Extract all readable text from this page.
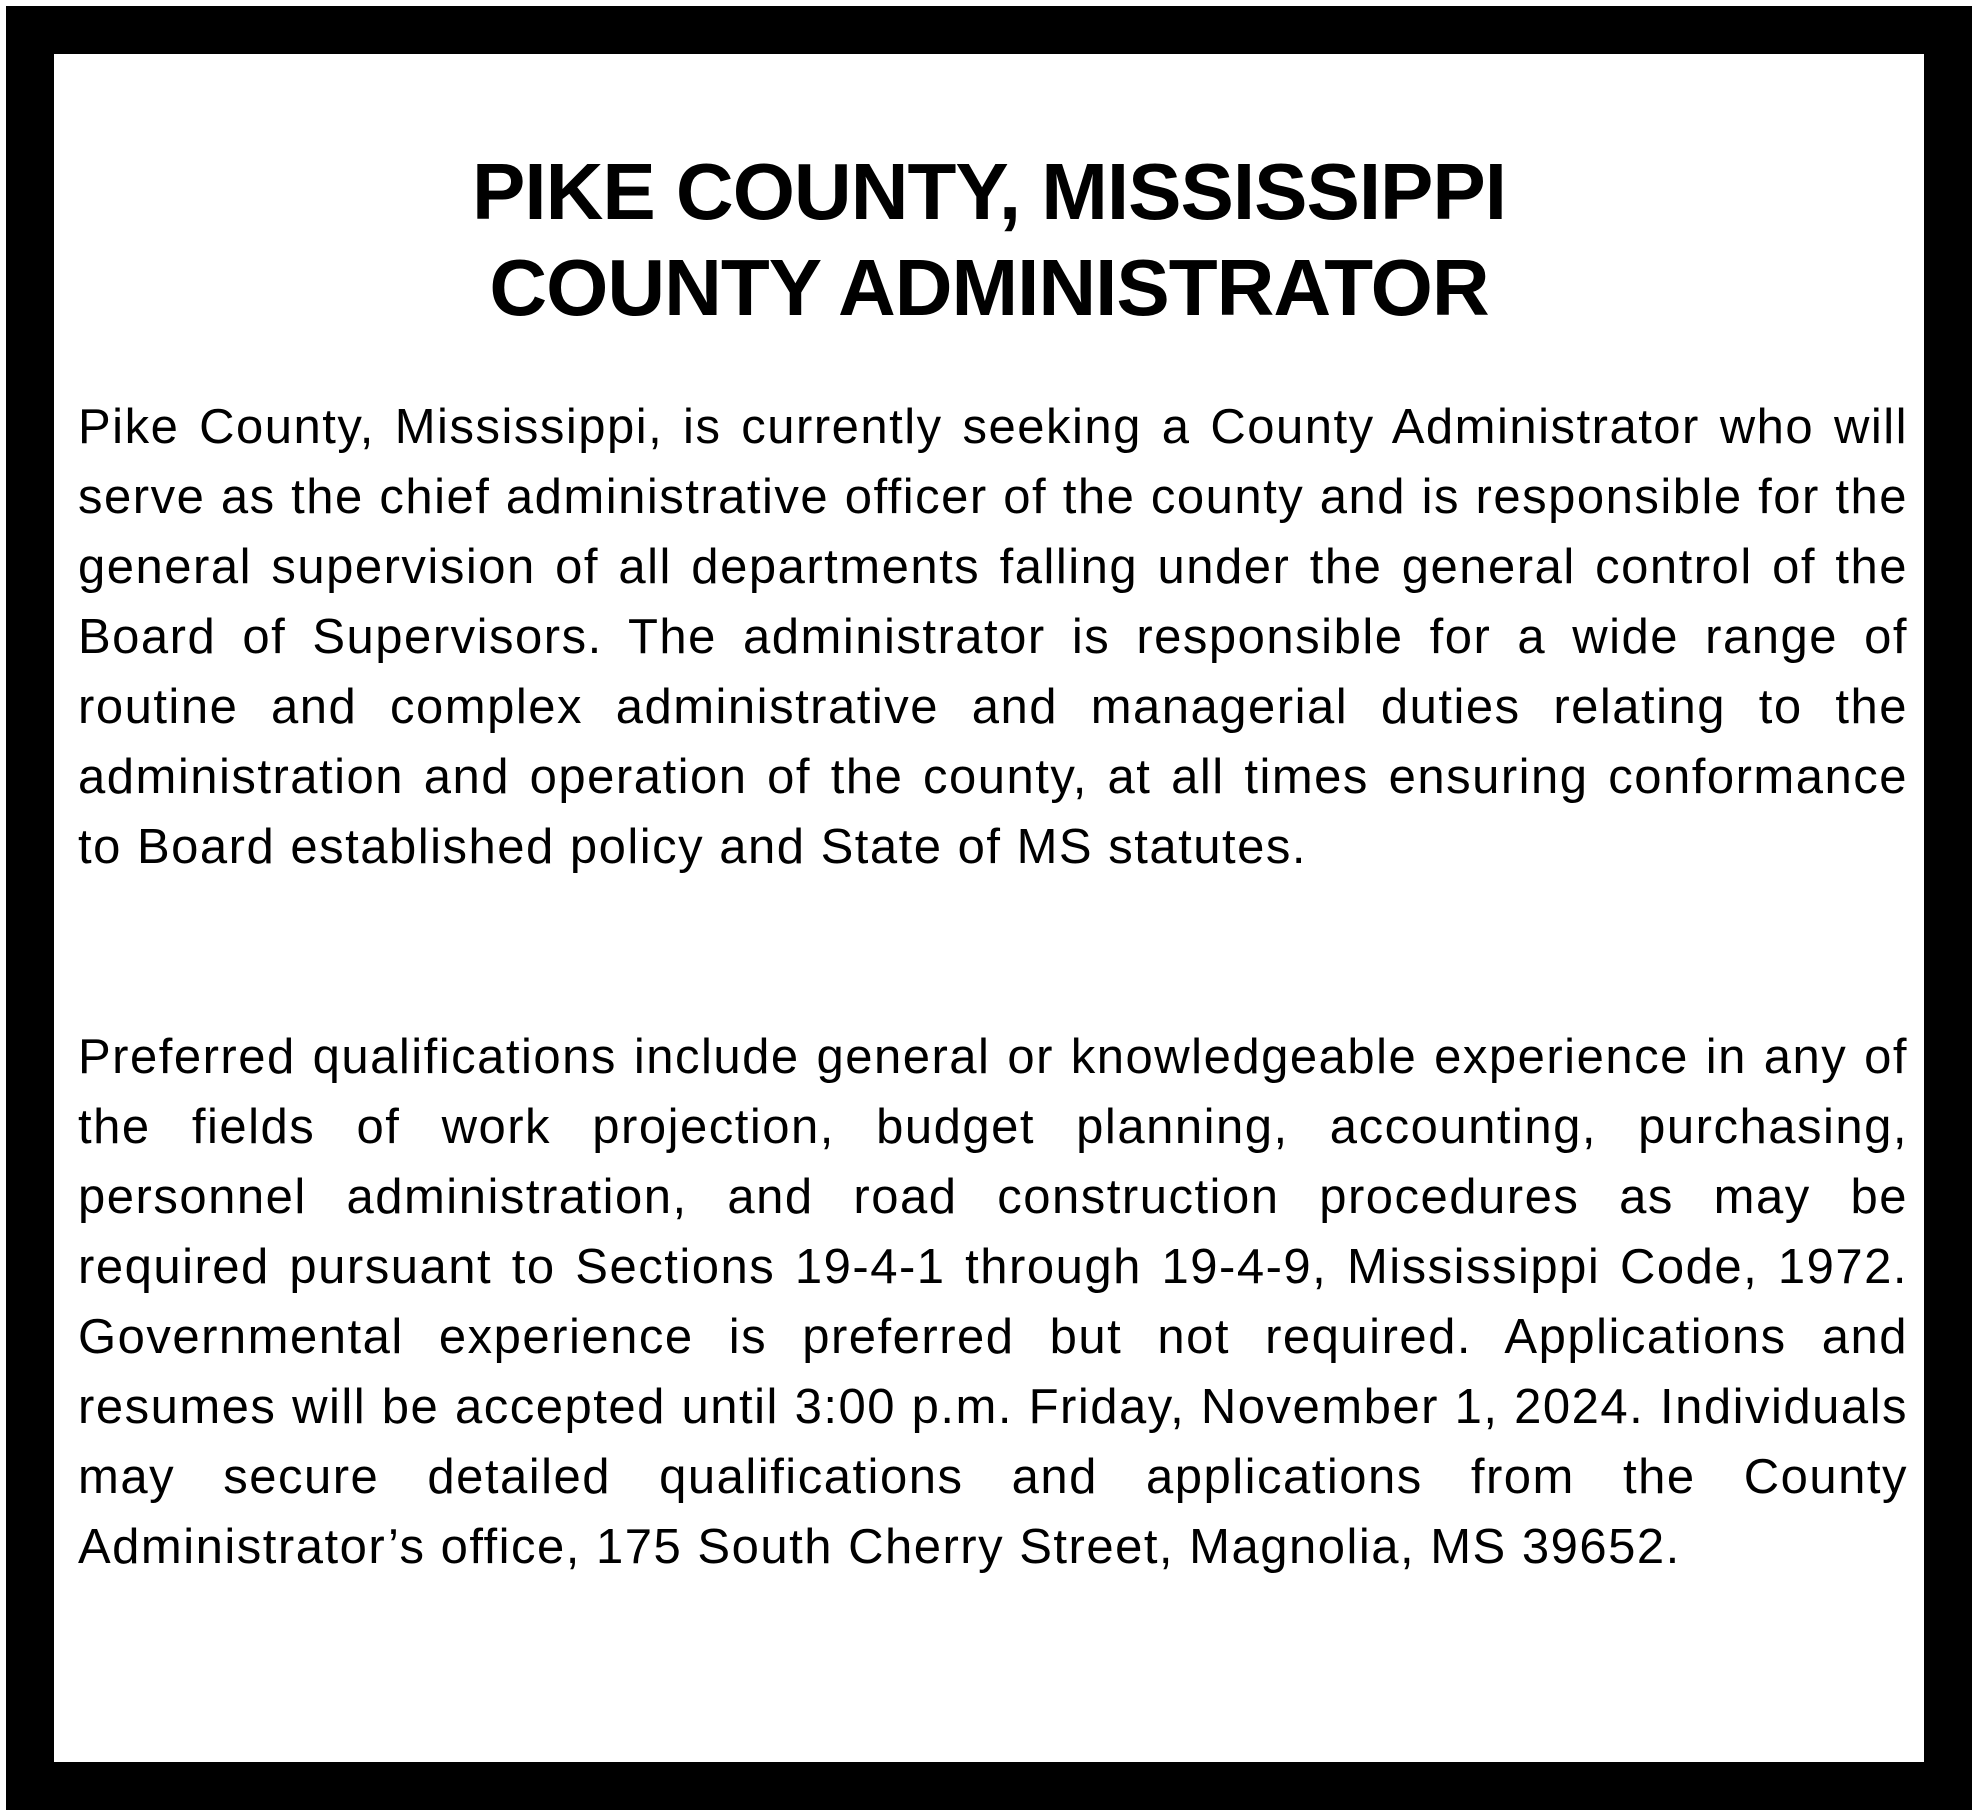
PIKE COUNTY, MISSISSIPPI
COUNTY ADMINISTRATOR

Pike County, Mississippi, is currently seeking a County Administrator who will serve as the chief administrative officer of the county and is responsible for the general supervision of all departments falling under the general control of the Board of Supervisors. The administrator is responsible for a wide range of routine and complex administrative and managerial duties relating to the administration and operation of the county, at all times ensuring conformance to Board established policy and State of MS statutes.

Preferred qualifications include general or knowledgeable experience in any of the fields of work projection, budget planning, accounting, purchasing, personnel administration, and road construction procedures as may be required pursuant to Sections 19-4-1 through 19-4-9, Mississippi Code, 1972. Governmental experience is preferred but not required. Applications and resumes will be accepted until 3:00 p.m. Friday, November 1, 2024. Individuals may secure detailed qualifications and applications from the County Administrator’s office, 175 South Cherry Street, Magnolia, MS 39652.
